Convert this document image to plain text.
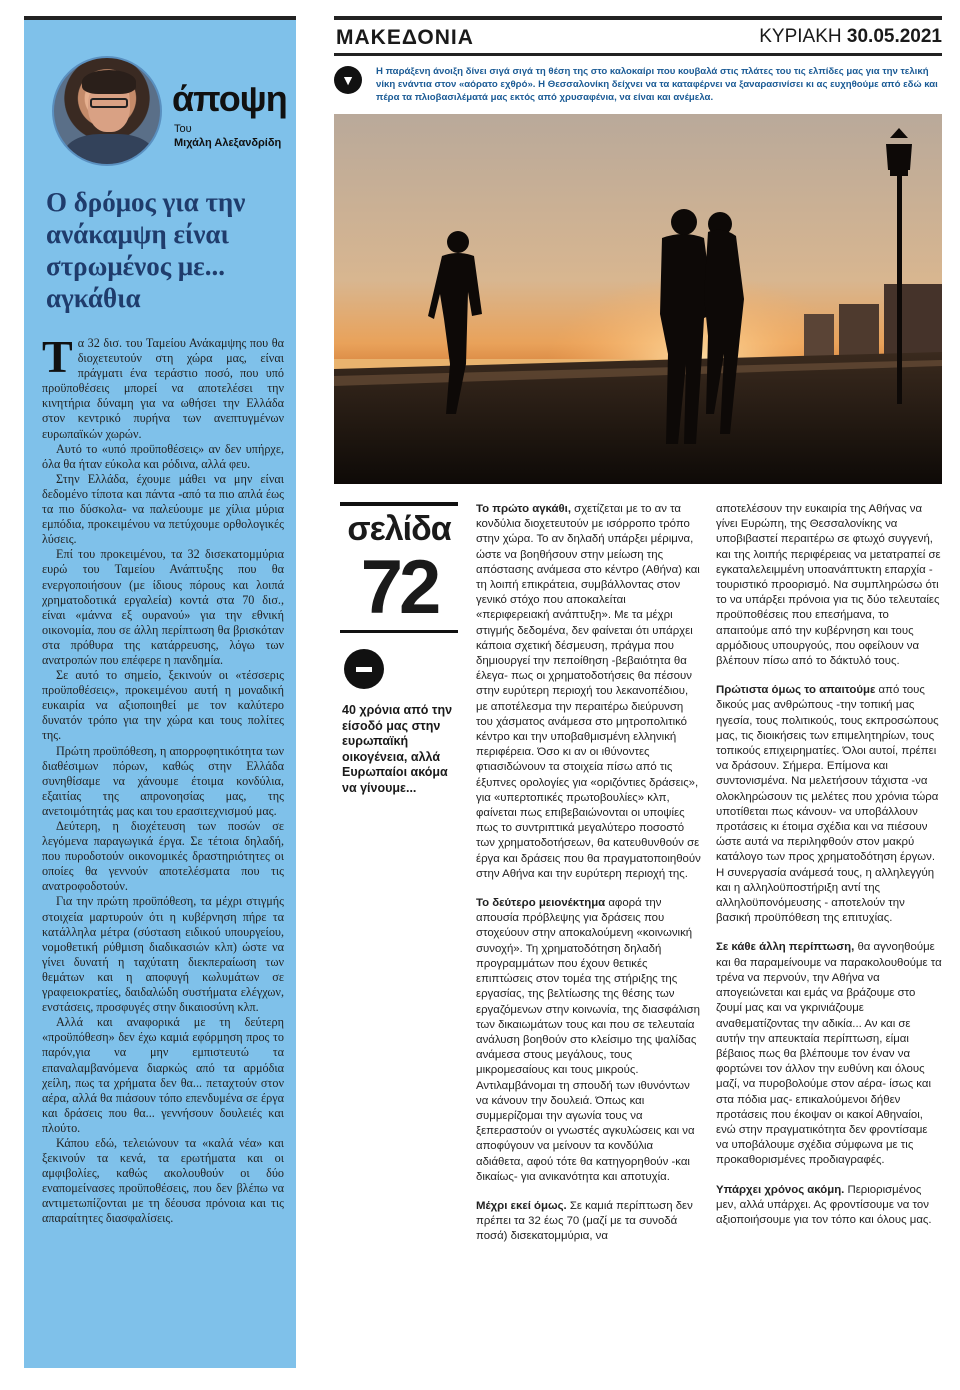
άποψη
Του
Μιχάλη Αλεξανδρίδη
Ο δρόμος για την ανάκαμψη είναι στρωμένος με... αγκάθια

Τα 32 δισ. του Ταμείου Ανάκαμψης που θα διοχετευτούν στη χώρα μας, είναι πράγματι ένα τεράστιο ποσό, που υπό προϋποθέσεις μπορεί να αποτελέσει την κινητήρια δύναμη για να ωθήσει την Ελλάδα στον κεντρικό πυρήνα των ανεπτυγμένων ευρωπαϊκών χωρών.

Αυτό το «υπό προϋποθέσεις» αν δεν υπήρχε, όλα θα ήταν εύκολα και ρόδινα, αλλά φευ.

Στην Ελλάδα, έχουμε μάθει να μην είναι δεδομένο τίποτα και πάντα -από τα πιο απλά έως τα πιο δύσκολα- να παλεύουμε με χίλια μύρια εμπόδια, προκειμένου να πετύχουμε ορθολογικές λύσεις.

Επί του προκειμένου, τα 32 δισεκατομμύρια ευρώ του Ταμείου Ανάπτυξης που θα ενεργοποιήσουν (με ίδιους πόρους και λοιπά χρηματοδοτικά εργαλεία) κοντά στα 70 δισ., είναι «μάννα εξ ουρανού» για την εθνική οικονομία, που σε άλλη περίπτωση θα βρισκόταν στα πρόθυρα της κατάρρευσης, λόγω των ανατροπών που επέφερε η πανδημία.

Σε αυτό το σημείο, ξεκινούν οι «τέσσερις προϋποθέσεις», προκειμένου αυτή η μοναδική ευκαιρία να αξιοποιηθεί με τον καλύτερο δυνατόν τρόπο για την χώρα και τους πολίτες της.

Πρώτη προϋπόθεση, η απορροφητικότητα των διαθέσιμων πόρων, καθώς στην Ελλάδα συνηθίσαμε να χάνουμε έτοιμα κονδύλια, εξαιτίας της απρονοησίας μας, της ανετοιμότητάς μας και του ερασιτεχνισμού μας.

Δεύτερη, η διοχέτευση των ποσών σε λεγόμενα παραγωγικά έργα. Σε τέτοια δηλαδή, που πυροδοτούν οικονομικές δραστηριότητες οι οποίες θα γεννούν αποτελέσματα που τις ανατροφοδοτούν.

Για την πρώτη προϋπόθεση, τα μέχρι στιγμής στοιχεία μαρτυρούν ότι η κυβέρνηση πήρε τα κατάλληλα μέτρα (σύσταση ειδικού υπουργείου, νομοθετική ρύθμιση διαδικασιών κλπ) ώστε να γίνει δυνατή η ταχύτατη διεκπεραίωση των θεμάτων και η αποφυγή κωλυμάτων σε γραφειοκρατίες, δαιδαλώδη συστήματα ελέγχων, ενστάσεις, προσφυγές στην δικαιοσύνη κλπ.

Αλλά και αναφορικά με τη δεύτερη «προϋπόθεση» δεν έχω καμιά εφόρμηση προς το παρόν,για να μην εμπιστευτώ τα επαναλαμβανόμενα διαρκώς από τα αρμόδια χείλη, πως τα χρήματα δεν θα... πεταχτούν στον αέρα, αλλά θα πιάσουν τόπο επενδυμένα σε έργα και δράσεις που θα... γεννήσουν δουλειές και πλούτο.

Κάπου εδώ, τελειώνουν τα «καλά νέα» και ξεκινούν τα κενά, τα ερωτήματα και οι αμφιβολίες, καθώς ακολουθούν οι δύο εναπομείνασες προϋποθέσεις, που δεν βλέπω να αντιμετωπίζονται με τη δέουσα πρόνοια και τις απαραίτητες διασφαλίσεις.

ΜΑΚΕΔΟΝΙΑ	ΚΥΡΙΑΚΗ 30.05.2021
▼
Η παράξενη άνοιξη δίνει σιγά σιγά τη θέση της στο καλοκαίρι που κουβαλά στις πλάτες του τις ελπίδες μας για την τελική νίκη ενάντια στον «αόρατο εχθρό». Η Θεσσαλονίκη δείχνει να τα καταφέρνει να ξαναρασινίσει κι ας ευχηθούμε από εδώ και πέρα τα πλιοβασιλέματά μας εκτός από χρυσαφένια, να είναι και ανέμελα.
σελίδα
72
40 χρόνια από την είσοδό μας στην ευρωπαϊκή οικογένεια, αλλά Ευρωπαίοι ακόμα να γίνουμε...

Το πρώτο αγκάθι, σχετίζεται με το αν τα κονδύλια διοχετευτούν με ισόρροπο τρόπο στην χώρα. Το αν δηλαδή υπάρξει μέριμνα, ώστε να βοηθήσουν στην μείωση της απόστασης ανάμεσα στο κέντρο (Αθήνα) και τη λοιπή επικράτεια, συμβάλλοντας στον γενικό στόχο που αποκαλείται «περιφερειακή ανάπτυξη». Με τα μέχρι στιγμής δεδομένα, δεν φαίνεται ότι υπάρχει κάποια σχετική δέσμευση, πράγμα που δημιουργεί την πεποίθηση -βεβαιότητα θα έλεγα- πως οι χρηματοδοτήσεις θα πέσουν στην ευρύτερη περιοχή του λεκανοπέδιου, με αποτέλεσμα την περαιτέρω διεύρυνση του χάσματος ανάμεσα στο μητροπολιτικό κέντρο και την υποβαθμισμένη ελληνική περιφέρεια. Όσο κι αν οι ιθύνοντες φτιασιδώνουν τα στοιχεία πίσω από τις έξυπνες ορολογίες για «οριζόντιες δράσεις», για «υπερτοπικές πρωτοβουλίες» κλπ, φαίνεται πως επιβεβαιώνονται οι υποψίες πως το συντριπτικά μεγαλύτερο ποσοστό των χρηματοδοτήσεων, θα κατευθυνθούν σε έργα και δράσεις που θα πραγματοποιηθούν στην Αθήνα και την ευρύτερη περιοχή της.

Το δεύτερο μειονέκτημα αφορά την απουσία πρόβλεψης για δράσεις που στοχεύουν στην αποκαλούμενη «κοινωνική συνοχή». Τη χρηματοδότηση δηλαδή προγραμμάτων που έχουν θετικές επιπτώσεις στον τομέα της στήριξης της εργασίας, της βελτίωσης της θέσης των εργαζόμενων στην κοινωνία, της διασφάλιση των δικαιωμάτων τους και που σε τελευταία ανάλυση βοηθούν στο κλείσιμο της ψαλίδας ανάμεσα στους μεγάλους, τους μικρομεσαίους και τους μικρούς. Αντιλαμβάνομαι τη σπουδή των ιθυνόντων να κάνουν την δουλειά. Όπως και συμμερίζομαι την αγωνία τους να ξεπεραστούν οι γνωστές αγκυλώσεις και να αποφύγουν να μείνουν τα κονδύλια αδιάθετα, αφού τότε θα κατηγορηθούν -και δικαίως- για ανικανότητα και αποτυχία.

Μέχρι εκεί όμως. Σε καμιά περίπτωση δεν πρέπει τα 32 έως 70 (μαζί με τα συνοδά ποσά) δισεκατομμύρια, να

αποτελέσουν την ευκαιρία της Αθήνας να γίνει Ευρώπη, της Θεσσαλονίκης να υποβιβαστεί περαιτέρω σε φτωχό συγγενή, και της λοιπής περιφέρειας να μετατραπεί σε εγκαταλελειμμένη υποανάπτυκτη επαρχία - τουριστικό προορισμό. Να συμπληρώσω ότι το να υπάρξει πρόνοια για τις δύο τελευταίες προϋποθέσεις που επεσήμανα, το απαιτούμε από την κυβέρνηση και τους αρμόδιους υπουργούς, που οφείλουν να βλέπουν πίσω από το δάκτυλό τους.

Πρώτιστα όμως το απαιτούμε από τους δικούς μας ανθρώπους -την τοπική μας ηγεσία, τους πολιτικούς, τους εκπροσώπους μας, τις διοικήσεις των επιμελητηρίων, τους τοπικούς επιχειρηματίες. Όλοι αυτοί, πρέπει να δράσουν. Σήμερα. Επίμονα και συντονισμένα. Να μελετήσουν τάχιστα -να ολοκληρώσουν τις μελέτες που χρόνια τώρα υποτίθεται πως κάνουν- να υποβάλλουν προτάσεις κι έτοιμα σχέδια και να πιέσουν ώστε αυτά να περιληφθούν στον μακρύ κατάλογο των προς χρηματοδότηση έργων. Η συνεργασία ανάμεσά τους, η αλληλεγγύη και η αλληλοϋποστήριξη αντί της αλληλοϋπονόμευσης - αποτελούν την βασική προϋπόθεση της επιτυχίας.

Σε κάθε άλλη περίπτωση, θα αγνοηθούμε και θα παραμείνουμε να παρακολουθούμε τα τρένα να περνούν, την Αθήνα να απογειώνεται και εμάς να βράζουμε στο ζουμί μας και να γκρινιάζουμε αναθεματίζοντας την αδικία... Αν και σε αυτήν την απευκταία περίπτωση, είμαι βέβαιος πως θα βλέπουμε τον έναν να φορτώνει τον άλλον την ευθύνη και όλους μαζί, να πυροβολούμε στον αέρα- ίσως και στα πόδια μας- επικαλούμενοι δήθεν προτάσεις που έκοψαν οι κακοί Αθηναίοι, ενώ στην πραγματικότητα δεν φροντίσαμε να υποβάλουμε σχέδια σύμφωνα με τις προκαθορισμένες προδιαγραφές.

Υπάρχει χρόνος ακόμη. Περιορισμένος μεν, αλλά υπάρχει. Ας φροντίσουμε να τον αξιοποιήσουμε για τον τόπο και όλους μας.
